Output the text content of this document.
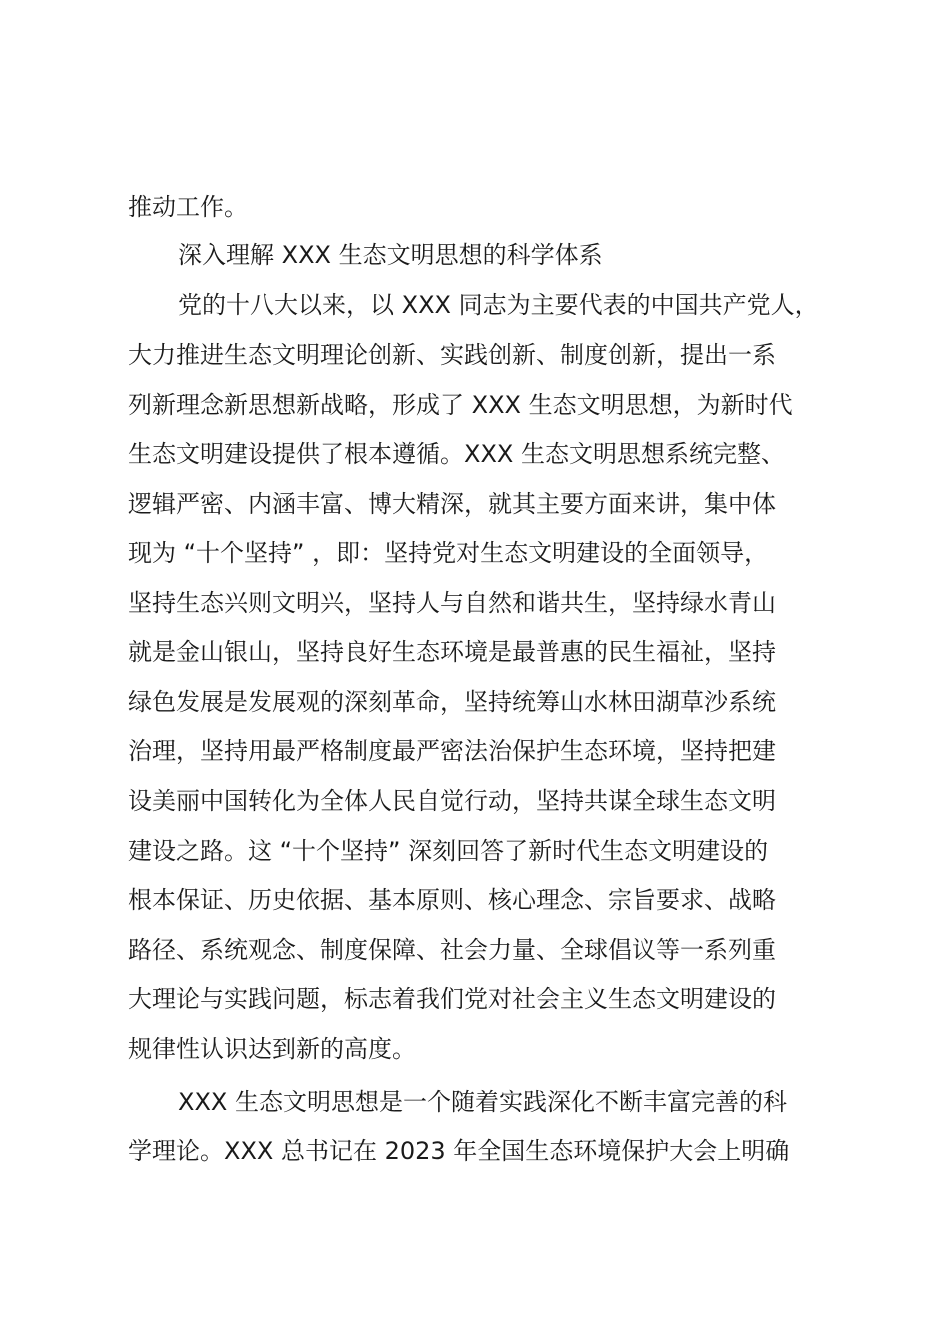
推动工作。
深入理解 XXX 生态文明思想的科学体系
党的十八大以来，以 XXX 同志为主要代表的中国共产党人，
大力推进生态文明理论创新、实践创新、制度创新，提出一系
列新理念新思想新战略，形成了 XXX 生态文明思想，为新时代
生态文明建设提供了根本遵循。XXX 生态文明思想系统完整、
逻辑严密、内涵丰富、博大精深，就其主要方面来讲，集中体
现为 “十个坚持” ，即：坚持党对生态文明建设的全面领导，
坚持生态兴则文明兴，坚持人与自然和谐共生，坚持绿水青山
就是金山银山，坚持良好生态环境是最普惠的民生福祉，坚持
绿色发展是发展观的深刻革命，坚持统筹山水林田湖草沙系统
治理，坚持用最严格制度最严密法治保护生态环境，坚持把建
设美丽中国转化为全体人民自觉行动，坚持共谋全球生态文明
建设之路。这 “十个坚持” 深刻回答了新时代生态文明建设的
根本保证、历史依据、基本原则、核心理念、宗旨要求、战略
路径、系统观念、制度保障、社会力量、全球倡议等一系列重
大理论与实践问题，标志着我们党对社会主义生态文明建设的
规律性认识达到新的高度。
XXX 生态文明思想是一个随着实践深化不断丰富完善的科
学理论。XXX 总书记在 2023 年全国生态环境保护大会上明确
